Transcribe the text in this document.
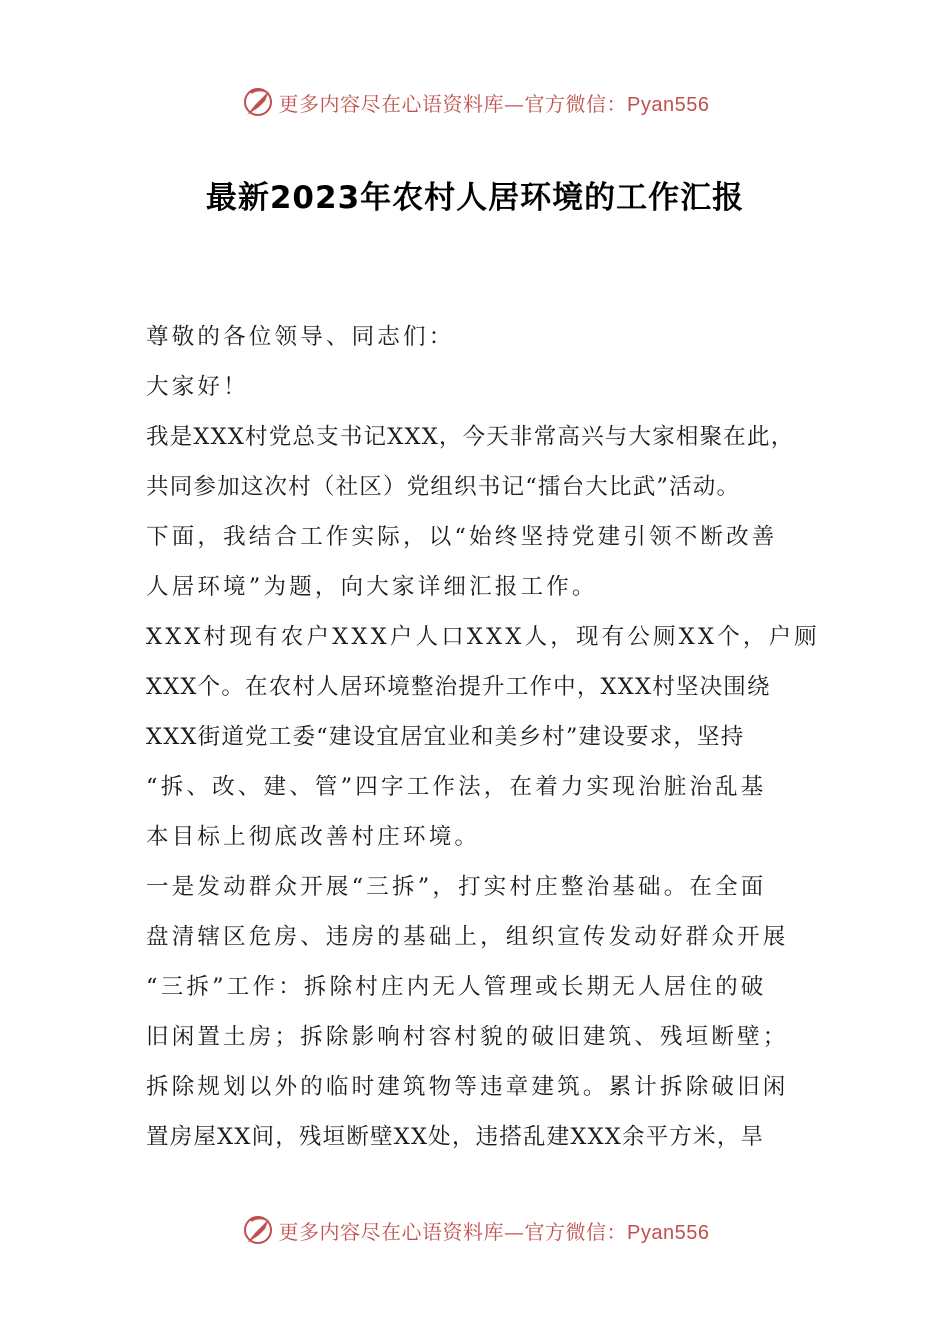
更多内容尽在心语资料库—官方微信：Pyan556
最新2023年农村人居环境的工作汇报
尊敬的各位领导、同志们：
大家好！
我是XXX村党总支书记XXX，今天非常高兴与大家相聚在此，
共同参加这次村（社区）党组织书记“擂台大比武”活动。
下面，我结合工作实际，以“始终坚持党建引领不断改善
人居环境”为题，向大家详细汇报工作。
XXX村现有农户XXX户人口XXX人，现有公厕XX个，户厕
XXX个。在农村人居环境整治提升工作中，XXX村坚决围绕
XXX街道党工委“建设宜居宜业和美乡村”建设要求，坚持
“拆、改、建、管”四字工作法，在着力实现治脏治乱基
本目标上彻底改善村庄环境。
一是发动群众开展“三拆”，打实村庄整治基础。在全面
盘清辖区危房、违房的基础上，组织宣传发动好群众开展
“三拆”工作：拆除村庄内无人管理或长期无人居住的破
旧闲置土房；拆除影响村容村貌的破旧建筑、残垣断壁；
拆除规划以外的临时建筑物等违章建筑。累计拆除破旧闲
置房屋XX间，残垣断壁XX处，违搭乱建XXX余平方米，旱
更多内容尽在心语资料库—官方微信：Pyan556
